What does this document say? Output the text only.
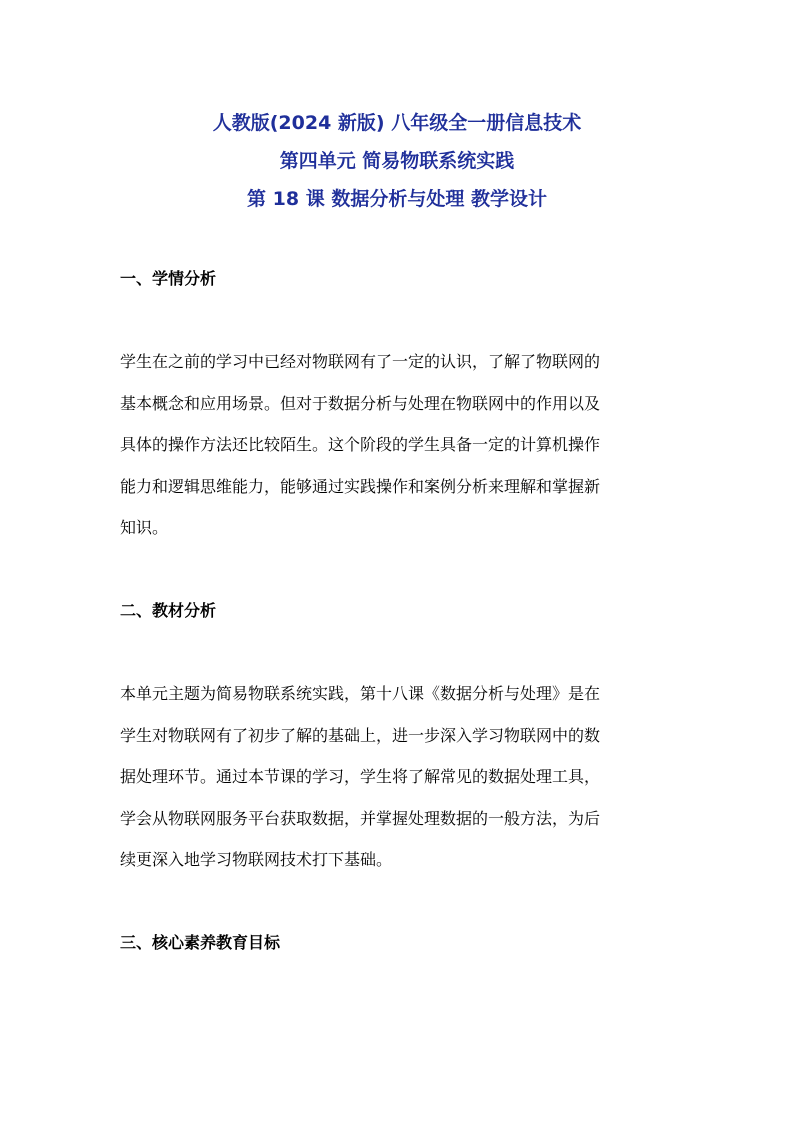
人教版(2024 新版) 八年级全一册信息技术

第四单元 简易物联系统实践

第 18 课 数据分析与处理 教学设计

一、学情分析
学生在之前的学习中已经对物联网有了一定的认识，了解了物联网的
基本概念和应用场景。但对于数据分析与处理在物联网中的作用以及
具体的操作方法还比较陌生。这个阶段的学生具备一定的计算机操作
能力和逻辑思维能力，能够通过实践操作和案例分析来理解和掌握新
知识。
二、教材分析
本单元主题为简易物联系统实践，第十八课《数据分析与处理》是在
学生对物联网有了初步了解的基础上，进一步深入学习物联网中的数
据处理环节。通过本节课的学习，学生将了解常见的数据处理工具，
学会从物联网服务平台获取数据，并掌握处理数据的一般方法，为后
续更深入地学习物联网技术打下基础。
三、核心素养教育目标
